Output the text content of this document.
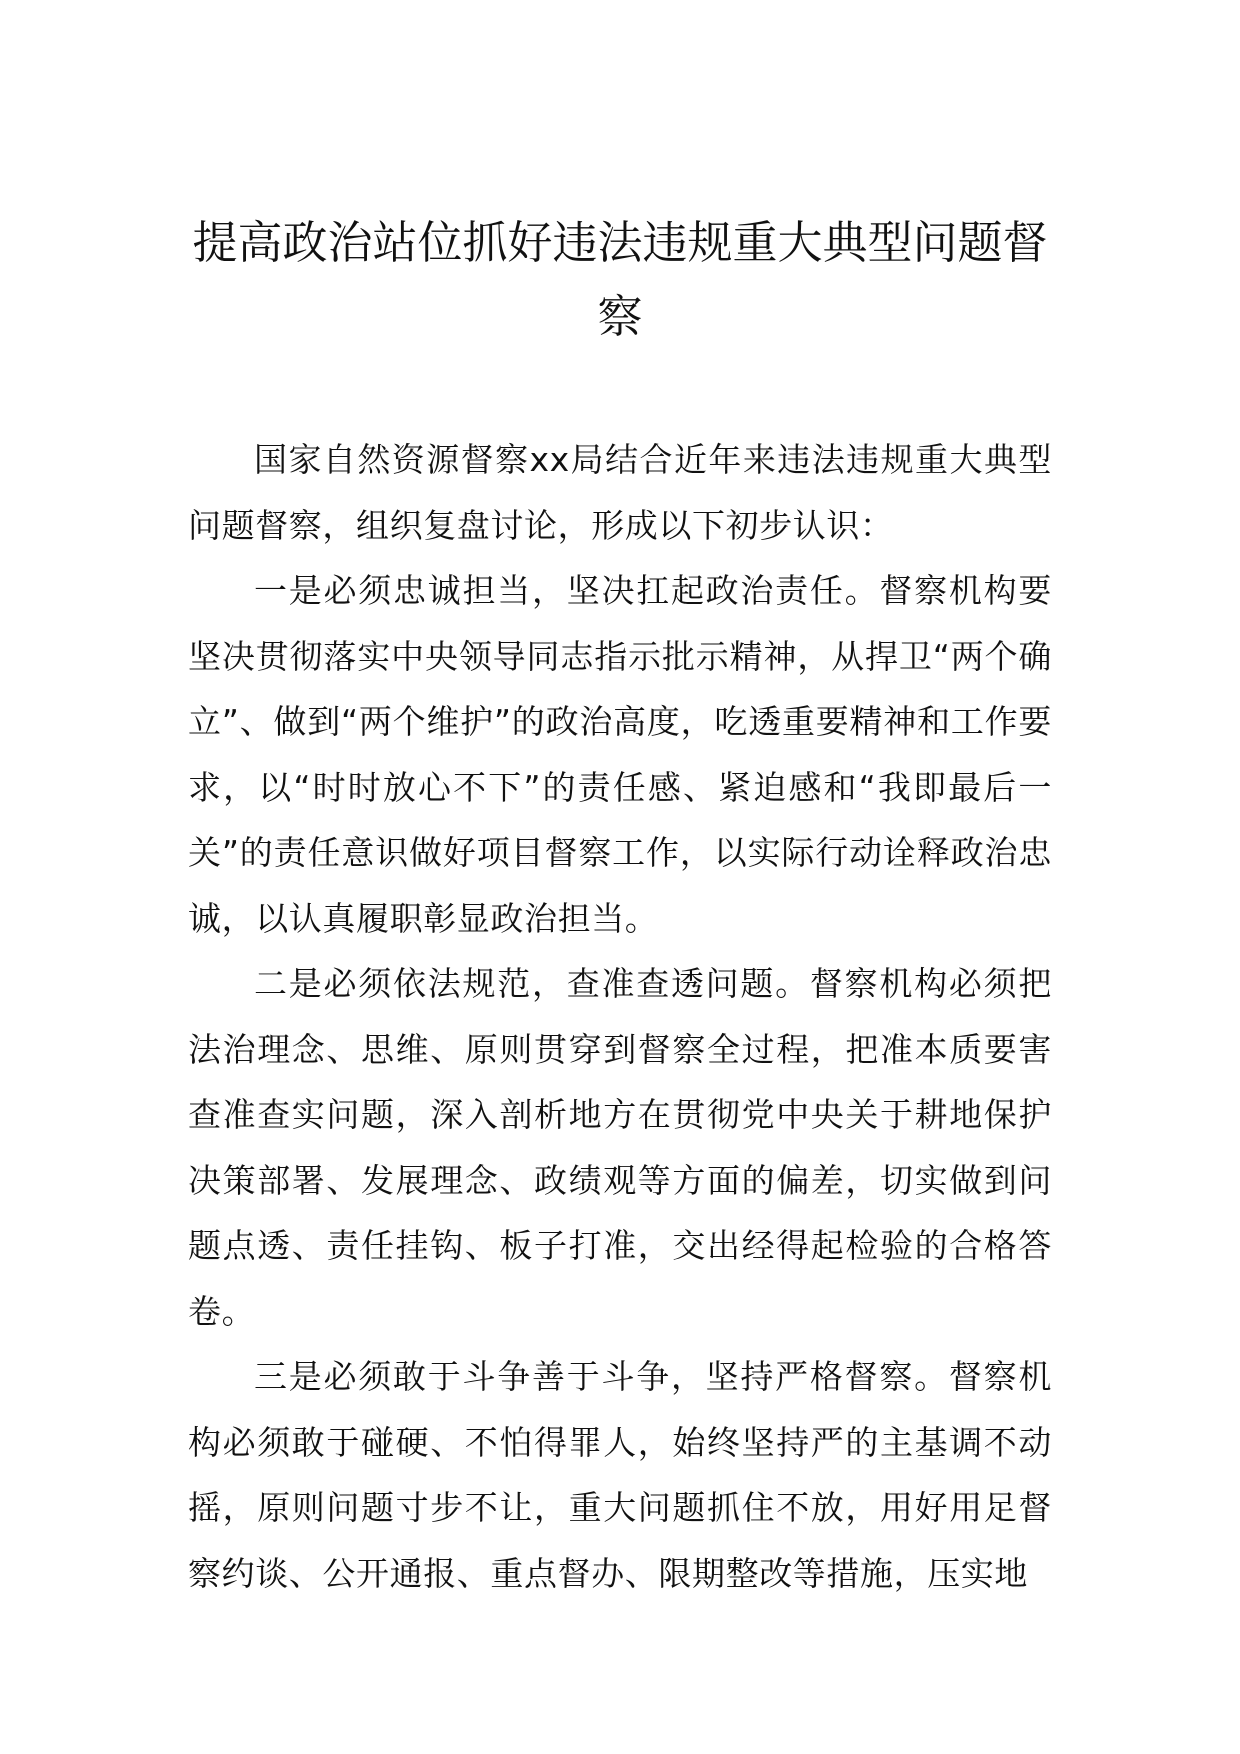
提高政治站位抓好违法违规重大典型问题督察

国家自然资源督察xx局结合近年来违法违规重大典型问题督察，组织复盘讨论，形成以下初步认识：

一是必须忠诚担当，坚决扛起政治责任。督察机构要坚决贯彻落实中央领导同志指示批示精神，从捍卫“两个确立”、做到“两个维护”的政治高度，吃透重要精神和工作要求，以“时时放心不下”的责任感、紧迫感和“我即最后一关”的责任意识做好项目督察工作，以实际行动诠释政治忠诚，以认真履职彰显政治担当。

二是必须依法规范，查准查透问题。督察机构必须把法治理念、思维、原则贯穿到督察全过程，把准本质要害查准查实问题，深入剖析地方在贯彻党中央关于耕地保护决策部署、发展理念、政绩观等方面的偏差，切实做到问题点透、责任挂钩、板子打准，交出经得起检验的合格答卷。

三是必须敢于斗争善于斗争，坚持严格督察。督察机构必须敢于碰硬、不怕得罪人，始终坚持严的主基调不动摇，原则问题寸步不让，重大问题抓住不放，用好用足督察约谈、公开通报、重点督办、限期整改等措施，压实地
